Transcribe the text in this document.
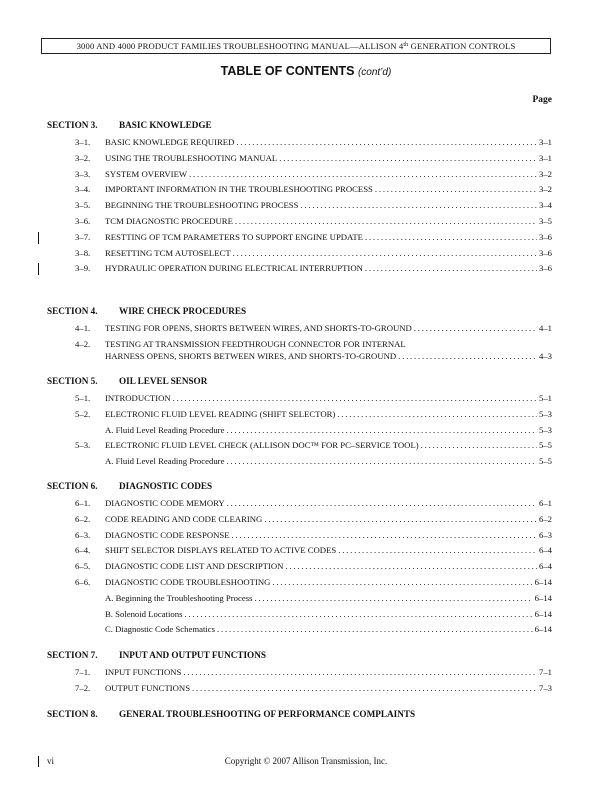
3000 AND 4000 PRODUCT FAMILIES TROUBLESHOOTING MANUAL—ALLISON 4th GENERATION CONTROLS
TABLE OF CONTENTS (cont’d)
Page
SECTION 3. BASIC KNOWLEDGE
3–1. BASIC KNOWLEDGE REQUIRED .....	3–1
3–2. USING THE TROUBLESHOOTING MANUAL .....	3–1
3–3. SYSTEM OVERVIEW .....	3–2
3–4. IMPORTANT INFORMATION IN THE TROUBLESHOOTING PROCESS .....	3–2
3–5. BEGINNING THE TROUBLESHOOTING PROCESS .....	3–4
3–6. TCM DIAGNOSTIC PROCEDURE .....	3–5
3–7. RESTTING OF TCM PARAMETERS TO SUPPORT ENGINE UPDATE .....	3–6
3–8. RESETTING TCM AUTOSELECT .....	3–6
3–9. HYDRAULIC OPERATION DURING ELECTRICAL INTERRUPTION .....	3–6
SECTION 4. WIRE CHECK PROCEDURES
4–1. TESTING FOR OPENS, SHORTS BETWEEN WIRES, AND SHORTS-TO-GROUND .....	4–1
4–2. TESTING AT TRANSMISSION FEEDTHROUGH CONNECTOR FOR INTERNAL
HARNESS OPENS, SHORTS BETWEEN WIRES, AND SHORTS-TO-GROUND .....	4–3
SECTION 5. OIL LEVEL SENSOR
5–1. INTRODUCTION .....	5–1
5–2. ELECTRONIC FLUID LEVEL READING (SHIFT SELECTOR) .....	5–3
A. Fluid Level Reading Procedure .....	5–3
5–3. ELECTRONIC FLUID LEVEL CHECK (ALLISON DOC™ FOR PC–SERVICE TOOL) .....	5–5
A. Fluid Level Reading Procedure .....	5–5
SECTION 6. DIAGNOSTIC CODES
6–1. DIAGNOSTIC CODE MEMORY .....	6–1
6–2. CODE READING AND CODE CLEARING .....	6–2
6–3. DIAGNOSTIC CODE RESPONSE .....	6–3
6–4. SHIFT SELECTOR DISPLAYS RELATED TO ACTIVE CODES .....	6–4
6–5. DIAGNOSTIC CODE LIST AND DESCRIPTION .....	6–4
6–6. DIAGNOSTIC CODE TROUBLESHOOTING .....	6–14
A. Beginning the Troubleshooting Process .....	6–14
B. Solenoid Locations .....	6–14
C. Diagnostic Code Schematics .....	6–14
SECTION 7. INPUT AND OUTPUT FUNCTIONS
7–1. INPUT FUNCTIONS .....	7–1
7–2. OUTPUT FUNCTIONS .....	7–3
SECTION 8. GENERAL TROUBLESHOOTING OF PERFORMANCE COMPLAINTS
vi	Copyright © 2007 Allison Transmission, Inc.
